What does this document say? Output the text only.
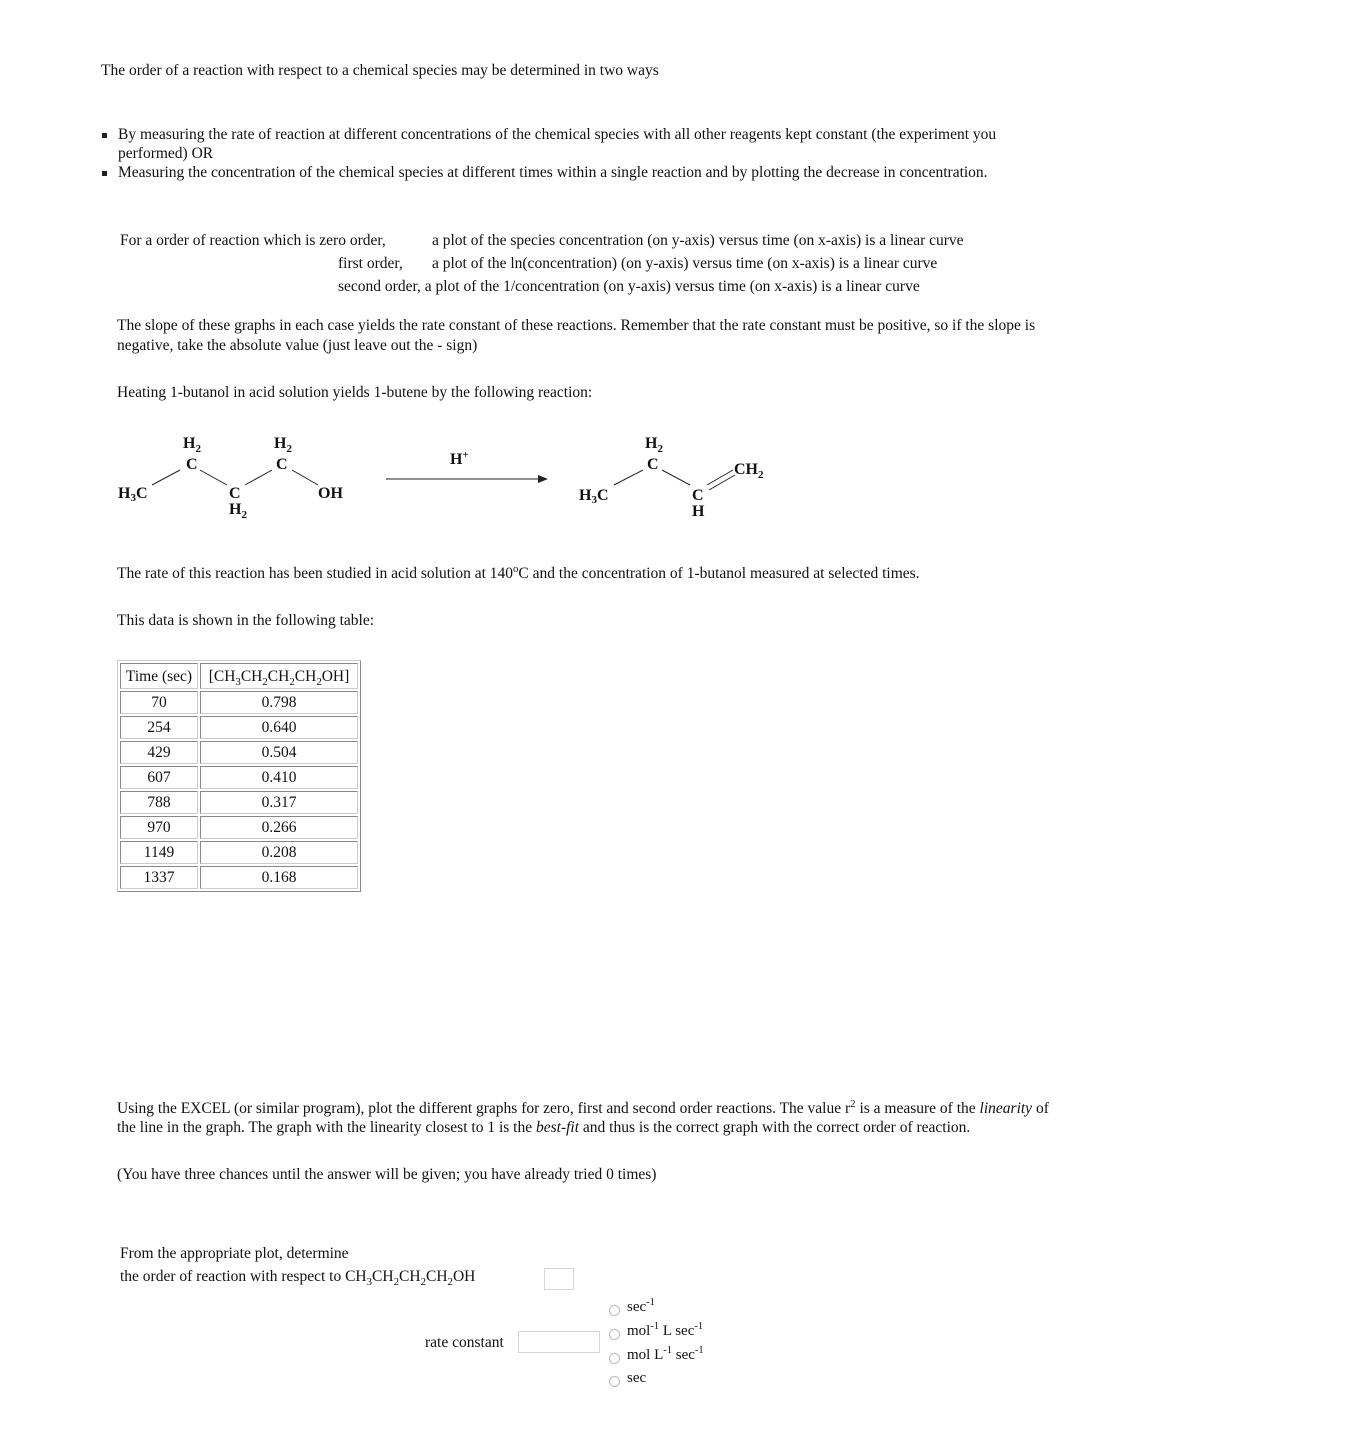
The order of a reaction with respect to a chemical species may be determined in two ways
By measuring the rate of reaction at different concentrations of the chemical species with all other reagents kept constant (the experiment you
performed) OR
Measuring the concentration of the chemical species at different times within a single reaction and by plotting the decrease in concentration.
For a order of reaction which is zero order,	a plot of the species concentration (on y-axis) versus time (on x-axis) is a linear curve
first order, a plot of the ln(concentration) (on y-axis) versus time (on x-axis) is a linear curve
second order, a plot of the 1/concentration (on y-axis) versus time (on x-axis) is a linear curve
The slope of these graphs in each case yields the rate constant of these reactions. Remember that the rate constant must be positive, so if the slope is
negative, take the absolute value (just leave out the - sign)
Heating 1-butanol in acid solution yields 1-butene by the following reaction:
$H_2$
C
$H_2$
C
H3C	C
$H_2$
OH
H+
$H_2$
C	$CH_2$
H3C	C
H
The rate of this reaction has been studied in acid solution at 140$^o$C and the concentration of 1-butanol measured at selected times.
This data is shown in the following table:
Time (sec)	$[CH_3CH_2CH_2CH_2OH]$
70	0.798
254	0.640
429	0.504
607	0.410
788	0.317
970	0.266
1149	0.208
1337	0.168
Using the EXCEL (or similar program), plot the different graphs for zero, first and second order reactions. The value $r^2$ is a measure of the linearity of
the line in the graph. The graph with the linearity closest to 1 is the best-fit and thus is the correct graph with the correct order of reaction.
(You have three chances until the answer will be given; you have already tried 0 times)
From the appropriate plot, determine
the order of reaction with respect to $CH_3CH_2CH_2CH_2OH$
rate constant
$\sec^{-1}$
mol$^{-1}$ L $\sec^{-1}$
mol $L^{-1}$ $\sec^{-1}$
sec
